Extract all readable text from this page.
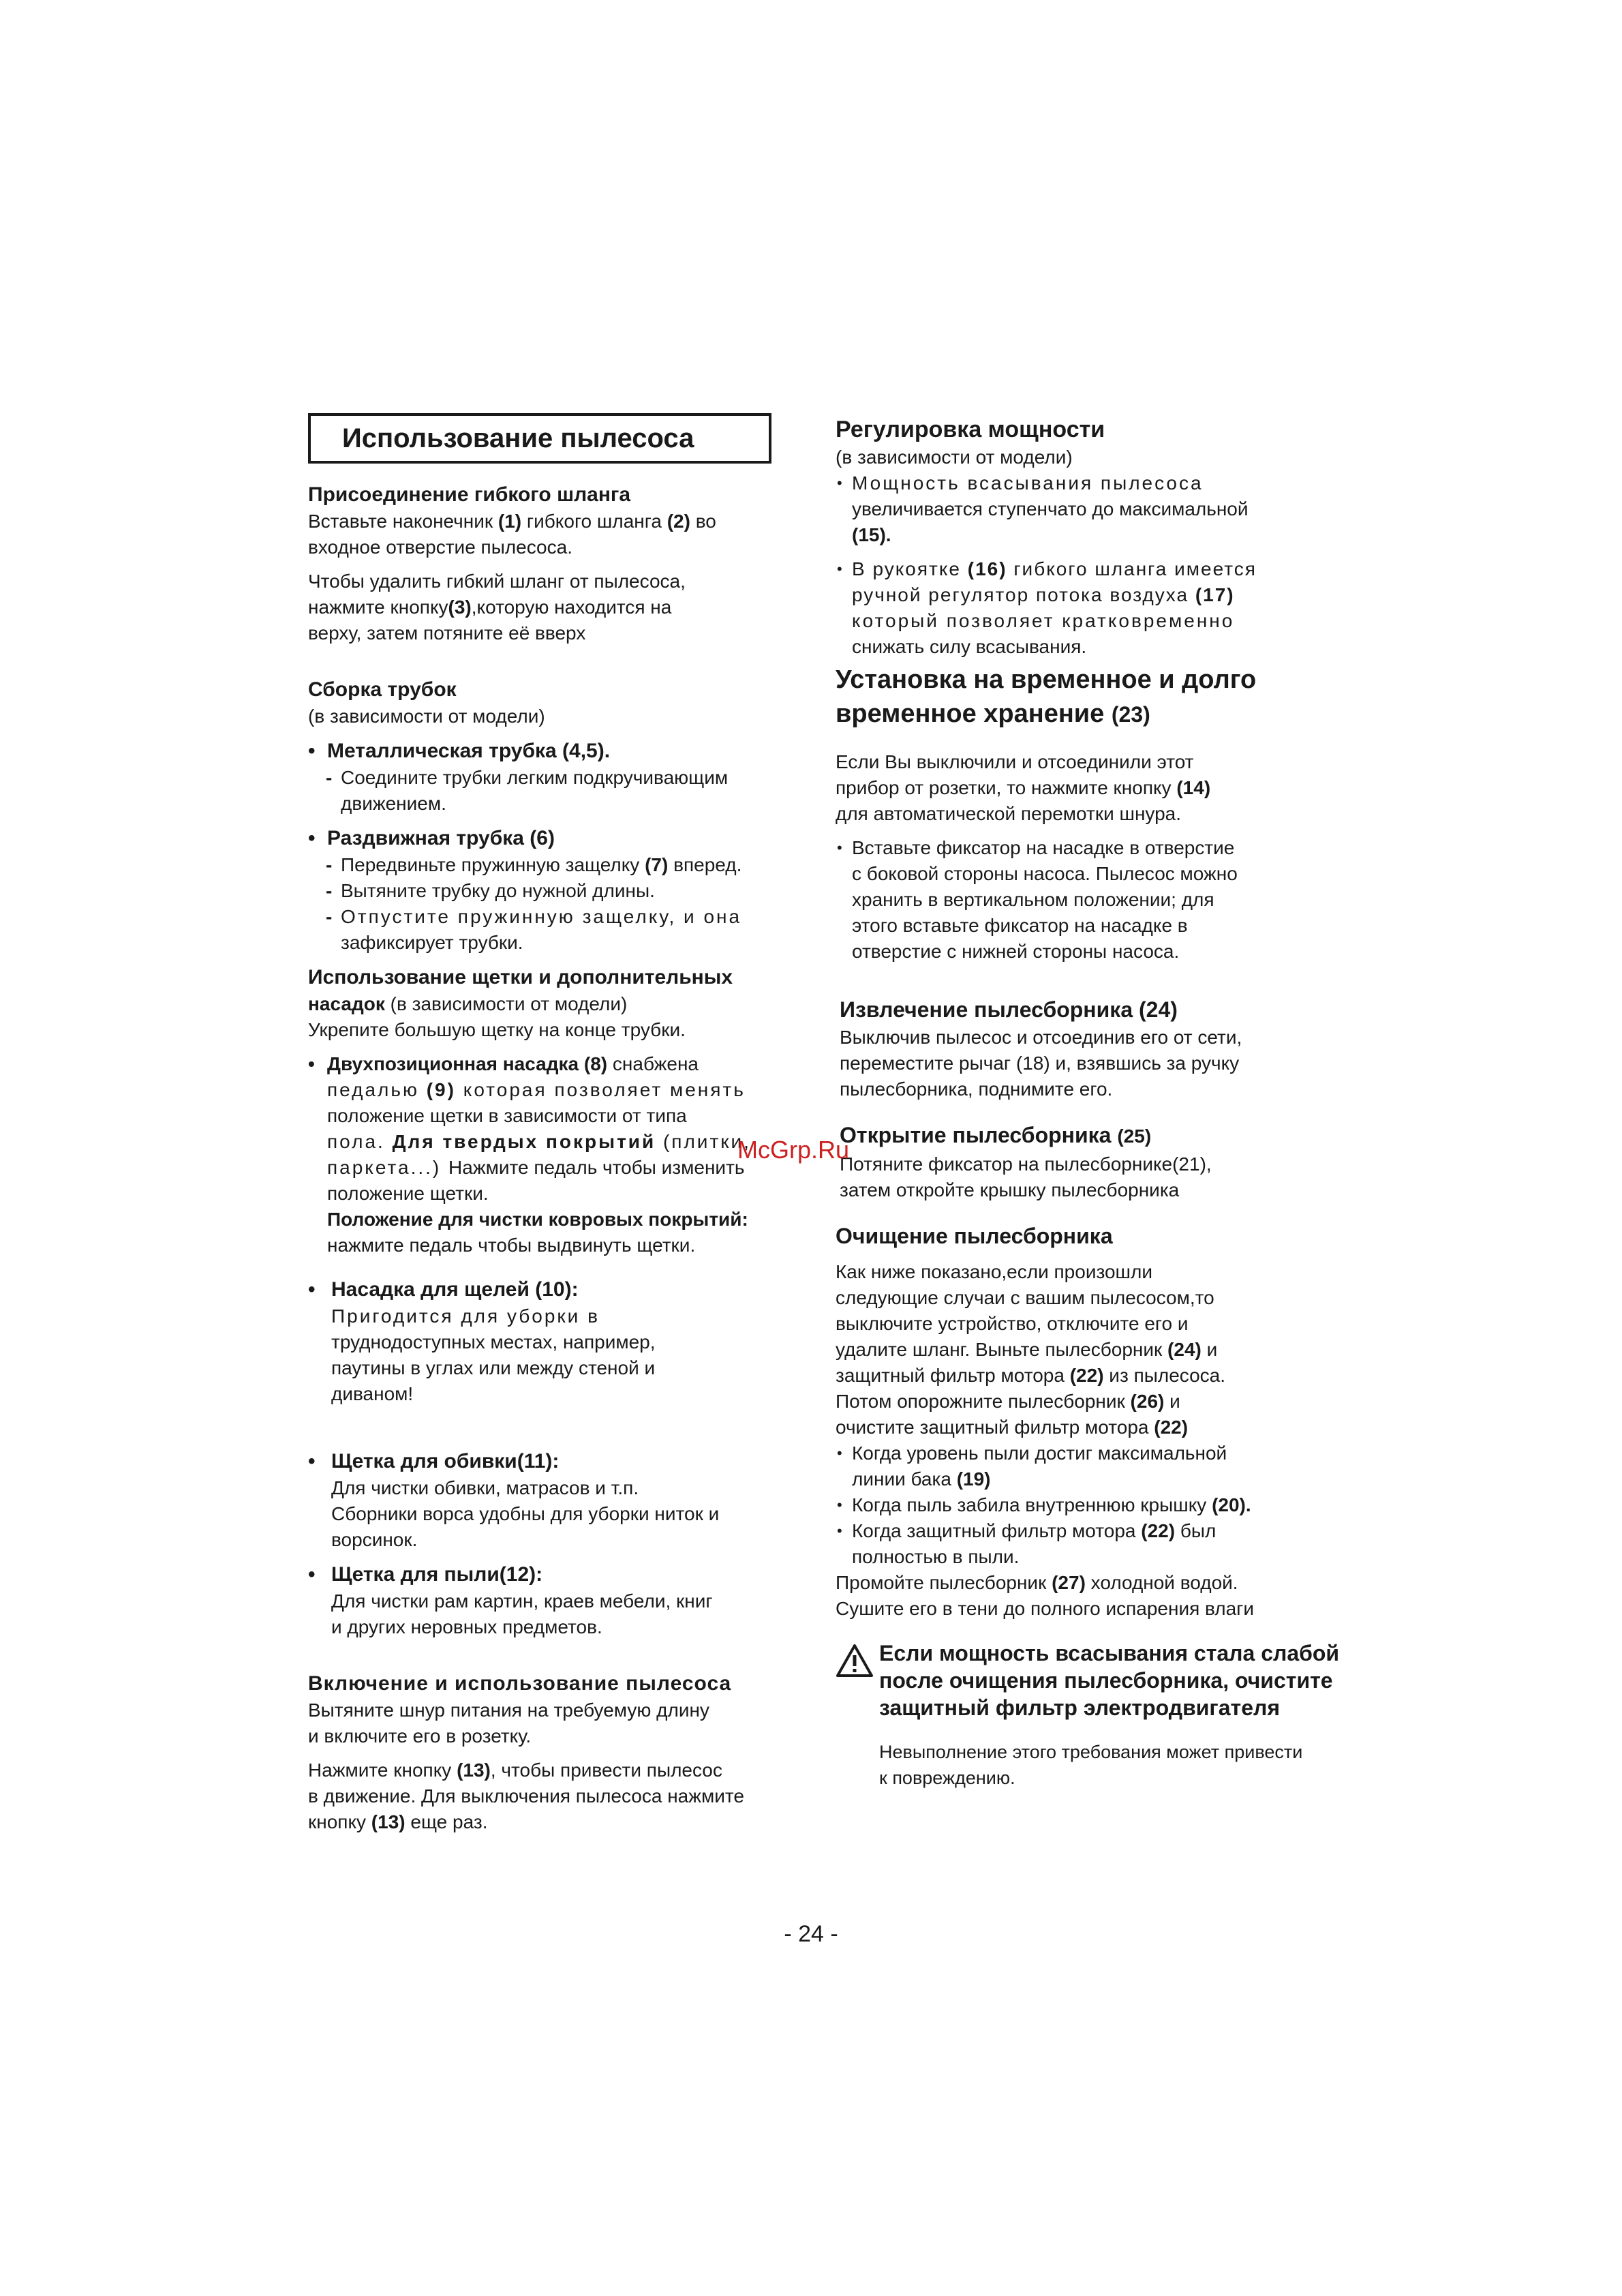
Использование пылесоса

Присоединение гибкого шланга

Вставьте наконечник (1) гибкого шланга (2) во

входное отверстие пылесоса.

Чтобы удалить гибкий шланг от пылесоса,

нажмите кнопку(3),которую находится на

верху, затем потяните её вверх

Сборка трубок

(в зависимости от модели)

• Металлическая трубка (4,5).

- Соедините трубки легким подкручивающим

движением.

• Раздвижная трубка (6)

- Передвиньте пружинную защелку (7) вперед.

- Вытяните трубку до нужной длины.

- Отпустите пружинную защелку, и она

зафиксирует трубки.

Использование щетки и дополнительных

насадок (в зависимости от модели)

Укрепите большую щетку на конце трубки.

• Двухпозиционная насадка (8) снабжена

педалью (9) которая позволяет менять

положение щетки в зависимости от типа

пола. Для твердых покрытий (плитки,

паркета...) Нажмите педаль чтобы изменить

положение щетки.

Положение для чистки ковровых покрытий:

нажмите педаль чтобы выдвинуть щетки.

• Насадка для щелей (10):

Пригодится для уборки в

труднодоступных местах, например,

паутины в углах или между стеной и

диваном!

• Щетка для обивки(11):

Для чистки обивки, матрасов и т.п.

Сборники ворса удобны для уборки ниток и

ворсинок.

• Щетка для пыли(12):

Для чистки рам картин, краев мебели, книг

и других неровных предметов.

Включение и использование пылесоса

Вытяните шнур питания на требуемую длину

и включите его в розетку.

Нажмите кнопку (13), чтобы привести пылесос

в движение. Для выключения пылесоса нажмите

кнопку (13) еще раз.

Регулировка мощности

(в зависимости от модели)

• Мощность всасывания пылесоса

увеличивается ступенчато до максимальной

(15).

• В рукоятке (16) гибкого шланга имеется

ручной регулятор потока воздуха (17)

который позволяет кратковременно

снижать силу всасывания.

Установка на временное и долго

временное хранение (23)

Если Вы выключили и отсоединили этот

прибор от розетки, то нажмите кнопку (14)

для автоматической перемотки шнура.

• Вставьте фиксатор на насадке в отверстие

с боковой стороны насоса. Пылесос можно

хранить в вертикальном положении; для

этого вставьте фиксатор на насадке в

отверстие с нижней стороны насоса.

Извлечение пылесборника (24)

Выключив пылесос и отсоединив его от сети,

переместите рычаг (18) и, взявшись за ручку

пылесборника, поднимите его.

Открытие пылесборника (25)

Потяните фиксатор на пылесборнике(21),

затем откройте крышку пылесборника

Очищение пылесборника

Как ниже показано,если произошли

следующие случаи с вашим пылесосом,то

выключите устройство, отключите его и

удалите шланг. Выньте пылесборник (24) и

защитный фильтр мотора (22) из пылесоса.

Потом опорожните пылесборник (26) и

очистите защитный фильтр мотора (22)

• Когда уровень пыли достиг максимальной

линии бака (19)

• Когда пыль забила внутреннюю крышку (20).

• Когда защитный фильтр мотора (22) был

полностью в пыли.

Промойте пылесборник (27) холодной водой.

Сушите его в тени до полного испарения влаги

Если мощность всасывания стала слабой

после очищения пылесборника, очистите

защитный фильтр электродвигателя

Невыполнение этого требования может привести

к повреждению.

McGrp.Ru
- 24 -
